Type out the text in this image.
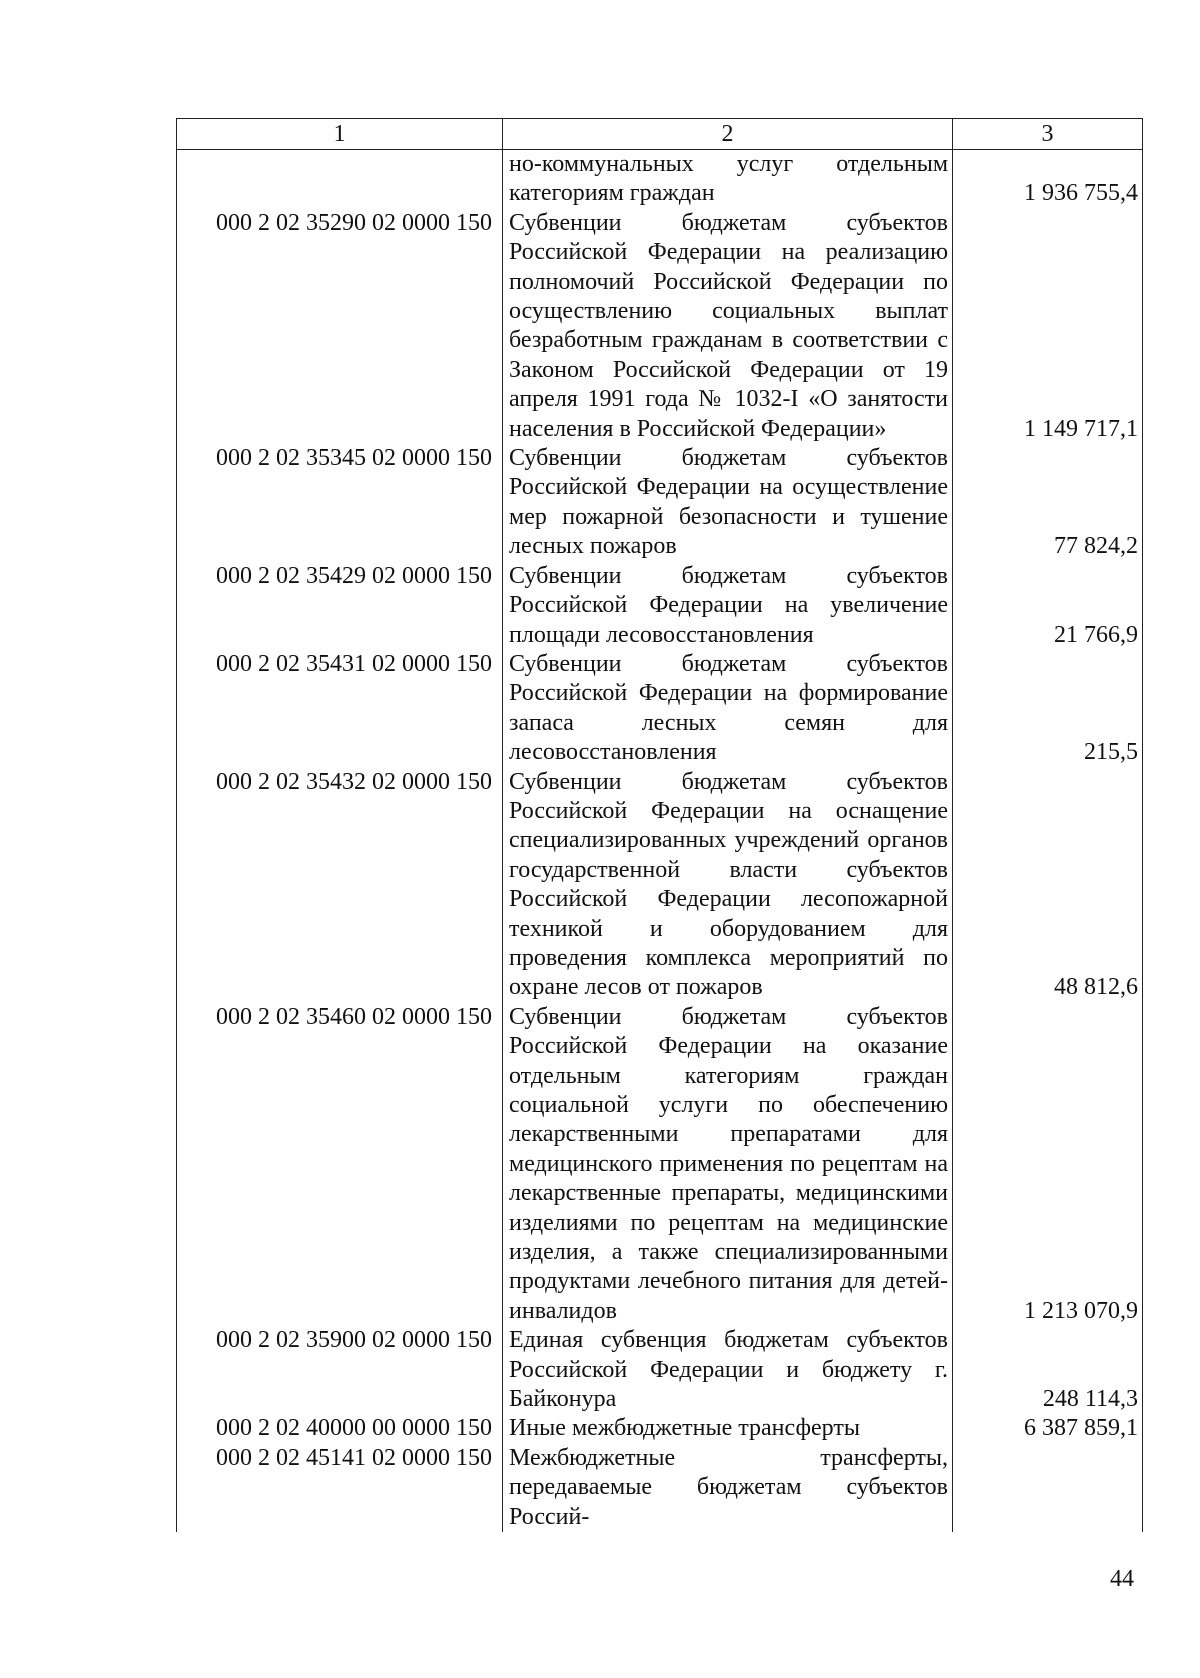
1	2	3
	но-коммунальных услуг отдельным категориям граждан	1 936 755,4
000 2 02 35290 02 0000 150	Субвенции бюджетам субъектов Российской Федерации на реализацию полномочий Российской Федерации по осуществлению социальных выплат безработным гражданам в соответствии с Законом Российской Федерации от 19 апреля 1991 года № 1032-I «О занятости населения в Российской Федерации»	1 149 717,1
000 2 02 35345 02 0000 150	Субвенции бюджетам субъектов Российской Федерации на осуществление мер пожарной безопасности и тушение лесных пожаров	77 824,2
000 2 02 35429 02 0000 150	Субвенции бюджетам субъектов Российской Федерации на увеличение площади лесовосстановления	21 766,9
000 2 02 35431 02 0000 150	Субвенции бюджетам субъектов Российской Федерации на формирование запаса лесных семян для лесовосстановления	215,5
000 2 02 35432 02 0000 150	Субвенции бюджетам субъектов Российской Федерации на оснащение специализированных учреждений органов государственной власти субъектов Российской Федерации лесопожарной техникой и оборудованием для проведения комплекса мероприятий по охране лесов от пожаров	48 812,6
000 2 02 35460 02 0000 150	Субвенции бюджетам субъектов Российской Федерации на оказание отдельным категориям граждан социальной услуги по обеспечению лекарственными препаратами для медицинского применения по рецептам на лекарственные препараты, медицинскими изделиями по рецептам на медицинские изделия, а также специализированными продуктами лечебного питания для детей-инвалидов	1 213 070,9
000 2 02 35900 02 0000 150	Единая субвенция бюджетам субъектов Российской Федерации и бюджету г. Байконура	248 114,3
000 2 02 40000 00 0000 150	Иные межбюджетные трансферты	6 387 859,1
000 2 02 45141 02 0000 150	Межбюджетные трансферты, передаваемые бюджетам субъектов Россий-	
44
